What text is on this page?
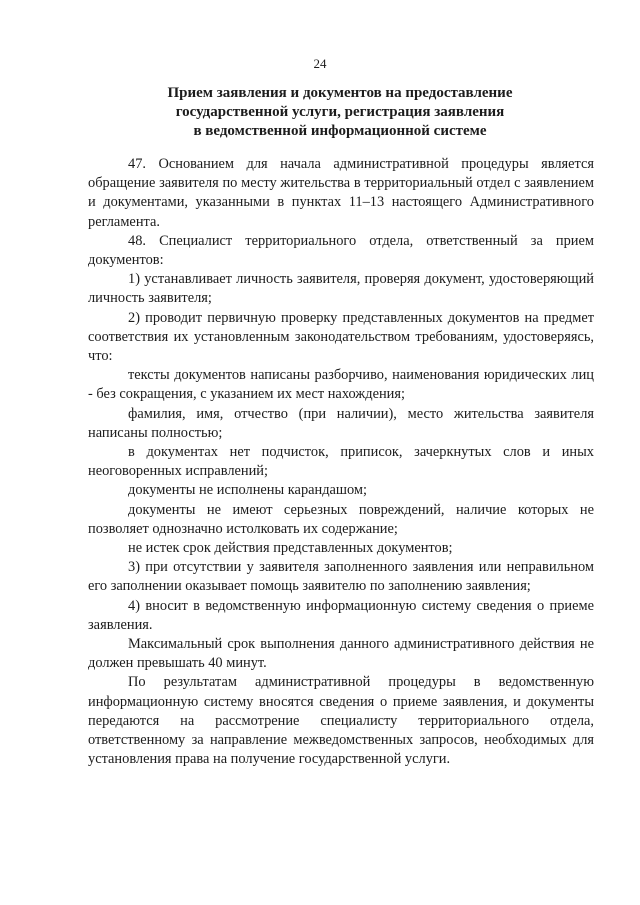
24
Прием заявления и документов на предоставление
государственной услуги, регистрация заявления
в ведомственной информационной системе

47. Основанием для начала административной процедуры является обращение заявителя по месту жительства в территориальный отдел с заявлением и документами, указанными в пунктах 11–13 настоящего Административного регламента.

48. Специалист территориального отдела, ответственный за прием документов:

1) устанавливает личность заявителя, проверяя документ, удостоверяющий личность заявителя;

2) проводит первичную проверку представленных документов на предмет соответствия их установленным законодательством требованиям, удостоверяясь, что:

тексты документов написаны разборчиво, наименования юридических лиц - без сокращения, с указанием их мест нахождения;

фамилия, имя, отчество (при наличии), место жительства заявителя написаны полностью;

в документах нет подчисток, приписок, зачеркнутых слов и иных неоговоренных исправлений;

документы не исполнены карандашом;

документы не имеют серьезных повреждений, наличие которых не позволяет однозначно истолковать их содержание;

не истек срок действия представленных документов;

3) при отсутствии у заявителя заполненного заявления или неправильном его заполнении оказывает помощь заявителю по заполнению заявления;

4) вносит в ведомственную информационную систему сведения о приеме заявления.

Максимальный срок выполнения данного административного действия не должен превышать 40 минут.

По результатам административной процедуры в ведомственную информационную систему вносятся сведения о приеме заявления, и документы передаются на рассмотрение специалисту территориального отдела, ответственному за направление межведомственных запросов, необходимых для установления права на получение государственной услуги.
